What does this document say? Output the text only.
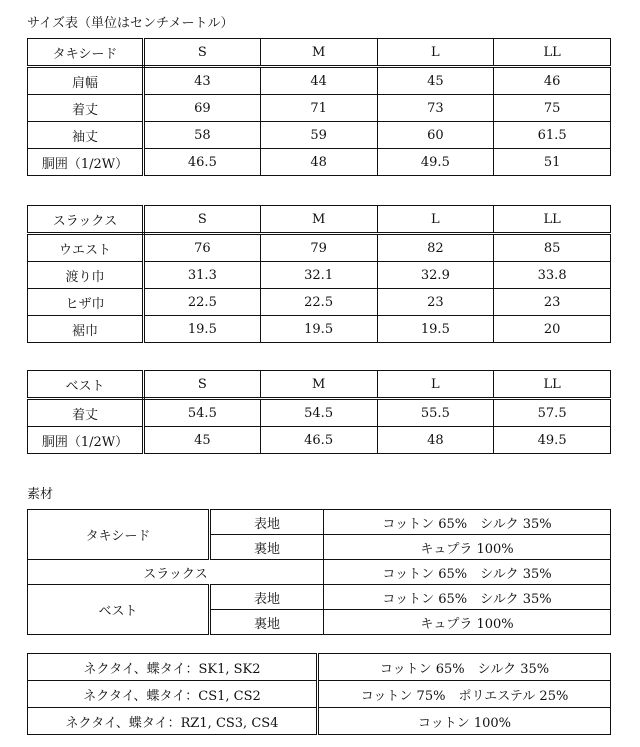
サイズ表（単位はセンチメートル）
タキシード	S	M	L	LL
肩幅	43	44	45	46
着丈	69	71	73	75
袖丈	58	59	60	61.5
胴囲（1/2W）	46.5	48	49.5	51
スラックス	S	M	L	LL
ウエスト	76	79	82	85
渡り巾	31.3	32.1	32.9	33.8
ヒザ巾	22.5	22.5	23	23
裾巾	19.5	19.5	19.5	20
ベスト	S	M	L	LL
着丈	54.5	54.5	55.5	57.5
胴囲（1/2W）	45	46.5	48	49.5
素材
タキシード	表地	コットン 65%　シルク 35%
	裏地	キュプラ 100%
スラックス		コットン 65%　シルク 35%
ベスト	表地	コットン 65%　シルク 35%
	裏地	キュプラ 100%
ネクタイ、蝶タイ：SK1, SK2	コットン 65%　シルク 35%
ネクタイ、蝶タイ：CS1, CS2	コットン 75%　ポリエステル 25%
ネクタイ、蝶タイ：RZ1, CS3, CS4	コットン 100%
